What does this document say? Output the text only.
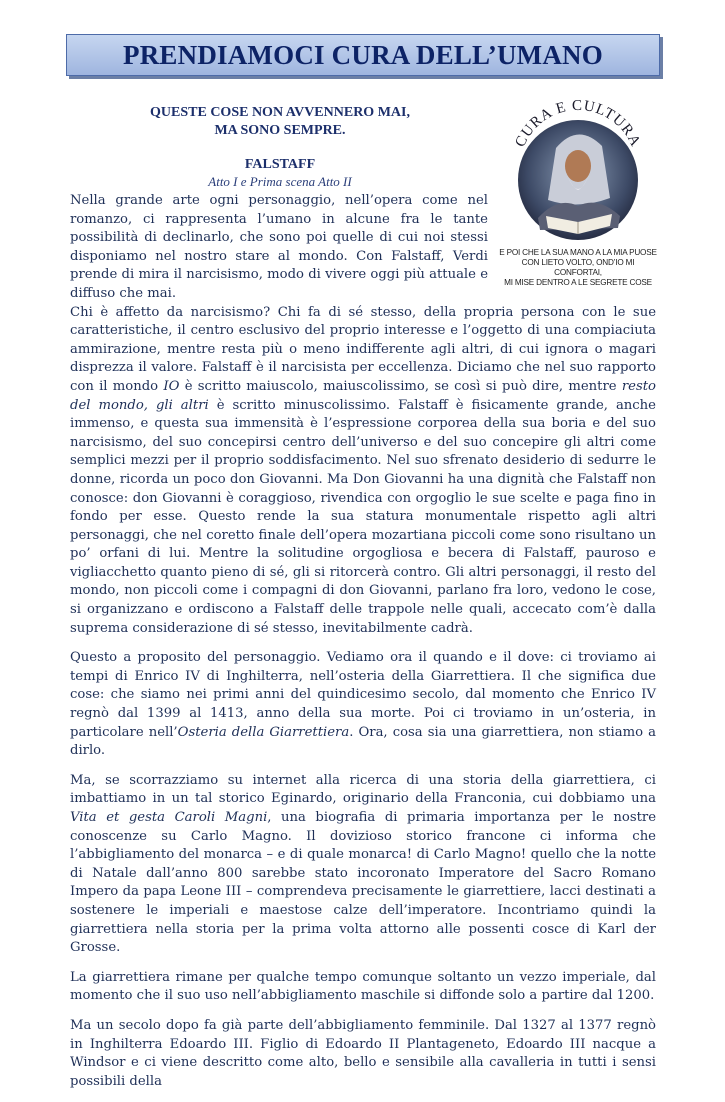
PRENDIAMOCI CURA DELL’UMANO
QUESTE COSE NON AVVENNERO MAI,
MA SONO SEMPRE.
FALSTAFF
Atto I e Prima scena Atto II
CURA E CULTURA
E POI CHE LA SUA MANO A LA MIA PUOSE
CON LIETO VOLTO, OND’IO MI CONFORTAI,
MI MISE DENTRO A LE SEGRETE COSE

Nella grande arte ogni personaggio, nell’opera come nel romanzo, ci rappresenta l’umano in alcune fra le tante possibilità di declinarlo, che sono poi quelle di cui noi stessi disponiamo nel nostro stare al mondo. Con Falstaff, Verdi prende di mira il narcisismo, modo di vivere oggi più attuale e diffuso che mai.

Chi è affetto da narcisismo? Chi fa di sé stesso, della propria persona con le sue caratteristiche, il centro esclusivo del proprio interesse e l’oggetto di una compiaciuta ammirazione, mentre resta più o meno indifferente agli altri, di cui ignora o magari disprezza il valore. Falstaff è il narcisista per eccellenza. Diciamo che nel suo rapporto con il mondo IO è scritto maiuscolo, maiuscolissimo, se così si può dire, mentre resto del mondo, gli altri è scritto minuscolissimo. Falstaff è fisicamente grande, anche immenso, e questa sua immensità è l’espressione corporea della sua boria e del suo narcisismo, del suo concepirsi centro dell’universo e del suo concepire gli altri come semplici mezzi per il proprio soddisfacimento. Nel suo sfrenato desiderio di sedurre le donne, ricorda un poco don Giovanni. Ma Don Giovanni ha una dignità che Falstaff non conosce: don Giovanni è coraggioso, rivendica con orgoglio le sue scelte e paga fino in fondo per esse. Questo rende la sua statura monumentale rispetto agli altri personaggi, che nel coretto finale dell’opera mozartiana piccoli come sono risultano un po’ orfani di lui. Mentre la solitudine orgogliosa e becera di Falstaff, pauroso e vigliacchetto quanto pieno di sé, gli si ritorcerà contro. Gli altri personaggi, il resto del mondo, non piccoli come i compagni di don Giovanni, parlano fra loro, vedono le cose, si organizzano e ordiscono a Falstaff delle trappole nelle quali, accecato com’è dalla suprema considerazione di sé stesso, inevitabilmente cadrà.

Questo a proposito del personaggio. Vediamo ora il quando e il dove: ci troviamo ai tempi di Enrico IV di Inghilterra, nell’osteria della Giarrettiera. Il che significa due cose: che siamo nei primi anni del quindicesimo secolo, dal momento che Enrico IV regnò dal 1399 al 1413, anno della sua morte. Poi ci troviamo in un’osteria, in particolare nell’Osteria della Giarrettiera. Ora, cosa sia una giarrettiera, non stiamo a dirlo.

Ma, se scorrazziamo su internet alla ricerca di una storia della giarrettiera, ci imbattiamo in un tal storico Eginardo, originario della Franconia, cui dobbiamo una Vita et gesta Caroli Magni, una biografia di primaria importanza per le nostre conoscenze su Carlo Magno. Il dovizioso storico francone ci informa che l’abbigliamento del monarca – e di quale monarca! di Carlo Magno! quello che la notte di Natale dall’anno 800 sarebbe stato incoronato Imperatore del Sacro Romano Impero da papa Leone III – comprendeva precisamente le giarrettiere, lacci destinati a sostenere le imperiali e maestose calze dell’imperatore. Incontriamo quindi la giarrettiera nella storia per la prima volta attorno alle possenti cosce di Karl der Grosse.

La giarrettiera rimane per qualche tempo comunque soltanto un vezzo imperiale, dal momento che il suo uso nell’abbigliamento maschile si diffonde solo a partire dal 1200.

Ma un secolo dopo fa già parte dell’abbigliamento femminile. Dal 1327 al 1377 regnò in Inghilterra Edoardo III. Figlio di Edoardo II Plantageneto, Edoardo III nacque a Windsor e ci viene descritto come alto, bello e sensibile alla cavalleria in tutti i sensi possibili della
